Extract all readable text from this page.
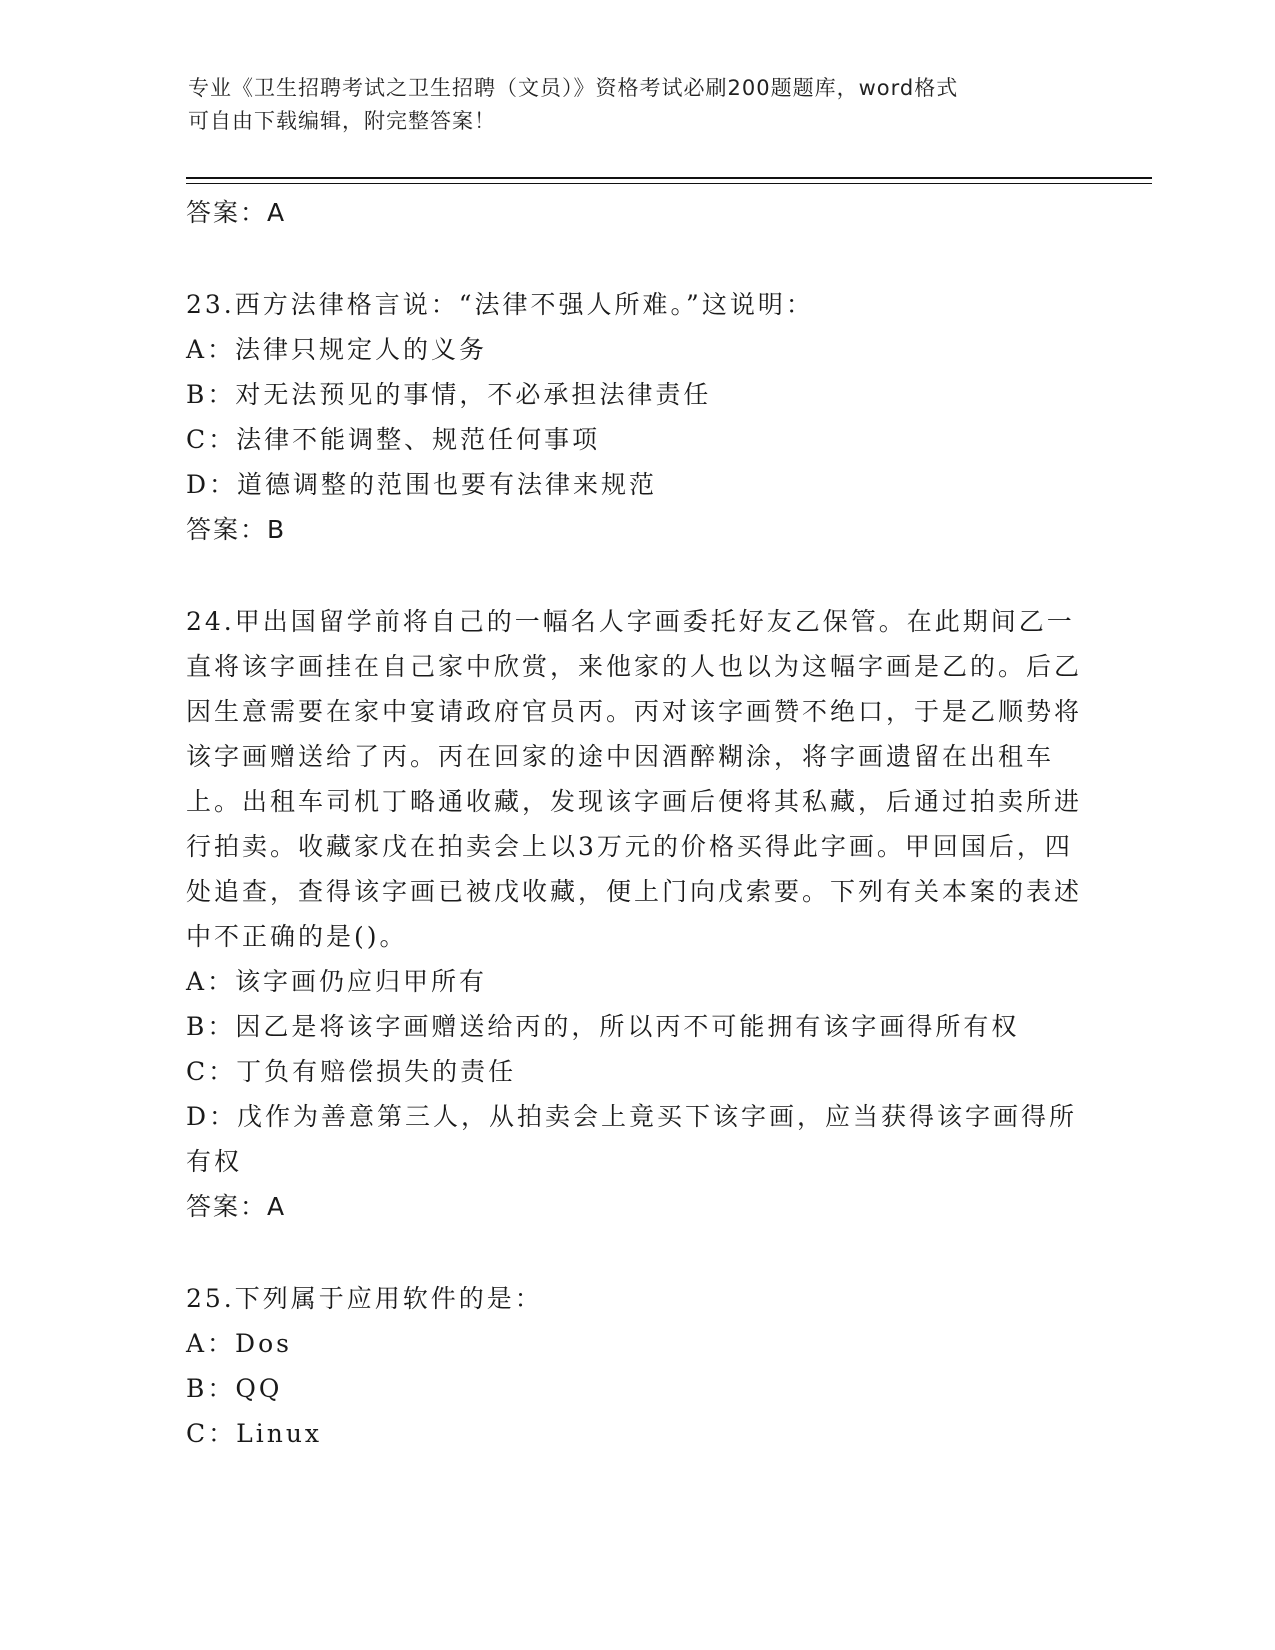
专业《卫生招聘考试之卫生招聘（文员）》资格考试必刷200题题库，word格式
可自由下载编辑，附完整答案！
答案：A
23.西方法律格言说：“法律不强人所难。”这说明：
A：法律只规定人的义务
B：对无法预见的事情，不必承担法律责任
C：法律不能调整、规范任何事项
D：道德调整的范围也要有法律来规范
答案：B
24.甲出国留学前将自己的一幅名人字画委托好友乙保管。在此期间乙一直将该字画挂在自己家中欣赏，来他家的人也以为这幅字画是乙的。后乙因生意需要在家中宴请政府官员丙。丙对该字画赞不绝口，于是乙顺势将该字画赠送给了丙。丙在回家的途中因酒醉糊涂，将字画遗留在出租车上。出租车司机丁略通收藏，发现该字画后便将其私藏，后通过拍卖所进行拍卖。收藏家戊在拍卖会上以3万元的价格买得此字画。甲回国后，四处追查，查得该字画已被戊收藏，便上门向戊索要。下列有关本案的表述中不正确的是()。
A：该字画仍应归甲所有
B：因乙是将该字画赠送给丙的，所以丙不可能拥有该字画得所有权
C：丁负有赔偿损失的责任
D：戊作为善意第三人，从拍卖会上竟买下该字画，应当获得该字画得所有权
答案：A
25.下列属于应用软件的是：
A：Dos
B：QQ
C：Linux
